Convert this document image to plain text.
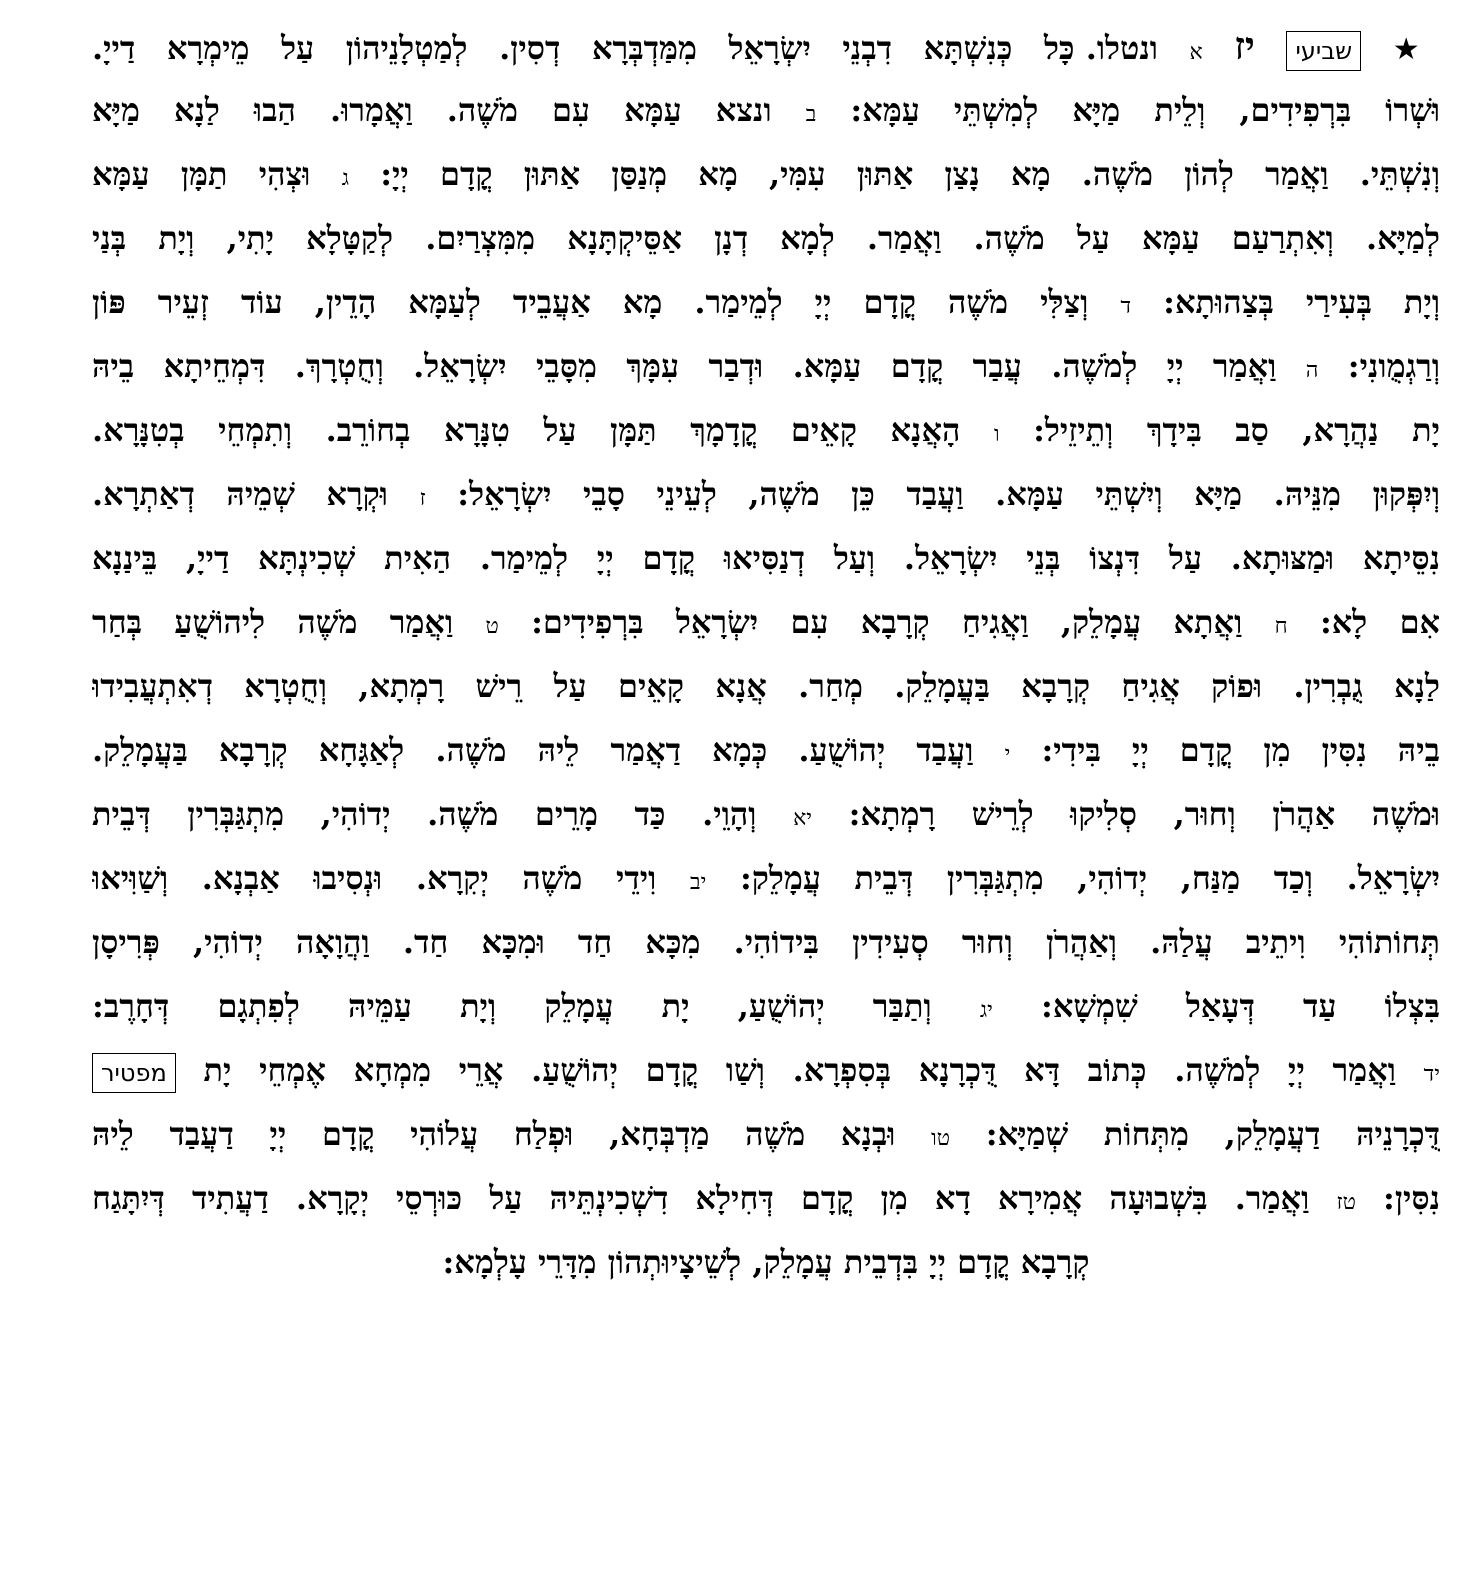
★ שביעי יז א ונטלו. כָּל כְּנִשְׁתָּא דִבְנֵי יִשְׂרָאֵל מִמַּדְבְּרָא דְסִין. לְמַטְלָנֵיהוֹן עַל מֵימְרָא דַייָ.
וּשְׁרוֹ בִּרְפִידִים, וְלֵית מַיָּא לְמִשְׁתֵּי עַמָּא: ב ונצא עַמָּא עִם מֹשֶׁה. וַאֲמָרוּ. הַבוּ לַנָא מַיָּא
וְנִשְׁתֵּי. וַאֲמַר לְהוֹן מֹשֶׁה. מָא נָצַן אַתּוּן עִמִּי, מָא מְנַסַּן אַתּוּן קֳדָם יְיָ: ג וּצְהִי תַמָּן עַמָּא
לְמַיָּא. וְאִתְרַעַם עַמָּא עַל מֹשֶׁה. וַאֲמַר. לְמָא דְנָן אַסֵּיקְתָּנָא מִמִּצְרַיִם. לְקַטָּלָא יָתִי, וְיָת בְּנַי
וְיָת בְּעִירַי בְּצַהוּתָא: ד וְצַלִּי מֹשֶׁה קֳדָם יְיָ לְמֵימַר. מָא אַעֲבֵיד לְעַמָּא הָדֵין, עוֹד זְעֵיר פּוֹן
וְרַגְמֻונִי: ה וַאֲמַר יְיָ לְמֹשֶׁה. עֲבַר קֳדָם עַמָּא. וּדְבַר עִמָּךְ מִסָּבֵי יִשְׂרָאֵל. וְחֻטְרָךְ. דִּמְחֵיתָא בֵיהּ
יָת נַהֲרָא, סַב בִּידָךְ וְתֵיזֵיל: ו הָאֲנָא קָאֵים קֳדָמָךְ תַּמָּן עַל טִנָּרָא בְחוֹרֵב. וְתִמְחֵי בְטִנָּרָא.
וְיִפְּקוּן מִנֵּיהּ. מַיָּא וְיִשְׁתֵּי עַמָּא. וַעֲבַד כֵּן מֹשֶׁה, לְעֵינֵי סָבֵי יִשְׂרָאֵל: ז וּקְרָא שְׁמֵיהּ דְאַתְרָא.
נִסֵּיתָא וּמַצּוּתָא. עַל דִּנְצוֹ בְּנֵי יִשְׂרָאֵל. וְעַל דְנַסִּיאוּ קֳדָם יְיָ לְמֵימַר. הַאִית שְׁכִינְתָּא דַייָ, בֵּינַנָא
אִם לָא: ח וַאֲתָא עֲמָלֵק, וַאֲגִיחַ קְרָבָא עִם יִשְׂרָאֵל בִּרְפִידִים: ט וַאֲמַר מֹשֶׁה לִיהוֹשֻׁעַ בְּחַר
לַנָא גֻבְרִין. וּפוֹק אֲגִיחַ קְרָבָא בַּעֲמָלֵק. מְחַר. אֲנָא קָאֵים עַל רֵישׁ רָמְתָא, וְחֻטְרָא דְאִתְעֲבִידוּ
בֵיהּ נִסִּין מִן קֳדָם יְיָ בִּידִי: י וַעֲבַד יְהוֹשֻׁעַ. כְּמָא דַאֲמַר לֵיהּ מֹשֶׁה. לְאַגָּחָא קְרָבָא בַּעֲמָלֵק.
וּמֹשֶׁה אַהֲרֹן וְחוּר, סְלִיקוּ לְרֵישׁ רָמְתָא: יא וְהָוֵי. כַּד מָרֵים מֹשֶׁה. יְדוֹהִי, מִתְגַּבְּרִין דְּבֵית
יִשְׂרָאֵל. וְכַד מַנַּח, יְדוֹהִי, מִתְגַּבְּרִין דְּבֵית עֲמָלֵק: יב וִידֵי מֹשֶׁה יְקִרָא. וּנְסִיבוּ אַבְנָא. וְשַׁוִּיאוּ
תְּחוֹתוֹהִי וִיתֵיב עֲלַהּ. וְאַהֲרֹן וְחוּר סְעִידִין בִּידוֹהִי. מִכָּא חַד וּמִכָּא חַד. וַהֲוָאָה יְדוֹהִי, פְּרִיסָן
בִּצְלוֹ עַד דְּעָאַל שִׁמְשָׁא: יג וְתַבַּר יְהוֹשֻׁעַ, יָת עֲמָלֵק וְיָת עַמֵּיהּ לְפִתְגָם דְּחָרֶב:
יד וַאֲמַר יְיָ לְמֹשֶׁה. כְּתוֹב דָּא דֻּכְרָנָא בְּסִפְרָא. וְשַׁו קֳדָם יְהוֹשֻׁעַ. אֲרֵי מִמְחָא אֶמְחֵי יָת מפטיר
דֻּכְרָנֵיהּ דַעֲמָלֵק, מִתְּחוֹת שְׁמַיָּא: טו וּבְנָא מֹשֶׁה מַדְבְּחָא, וּפְלַח עֲלוֹהִי קֳדָם יְיָ דַעֲבַד לֵיהּ
נִסִּין: טז וַאֲמַר. בִּשְׁבוּעָה אֲמִירָא דָא מִן קֳדָם דְּחִילָא דִשְׁכִינְתֵּיהּ עַל כּוּרְסֵי יְקָרָא. דַעֲתִיד דְּיִתָּגַח
קְרָבָא קֳדָם יְיָ בִּדְבֵית עֲמָלֵק, לְשֵׁיצָיוּתְהוֹן מִדָּרֵי עָלְמָא:
